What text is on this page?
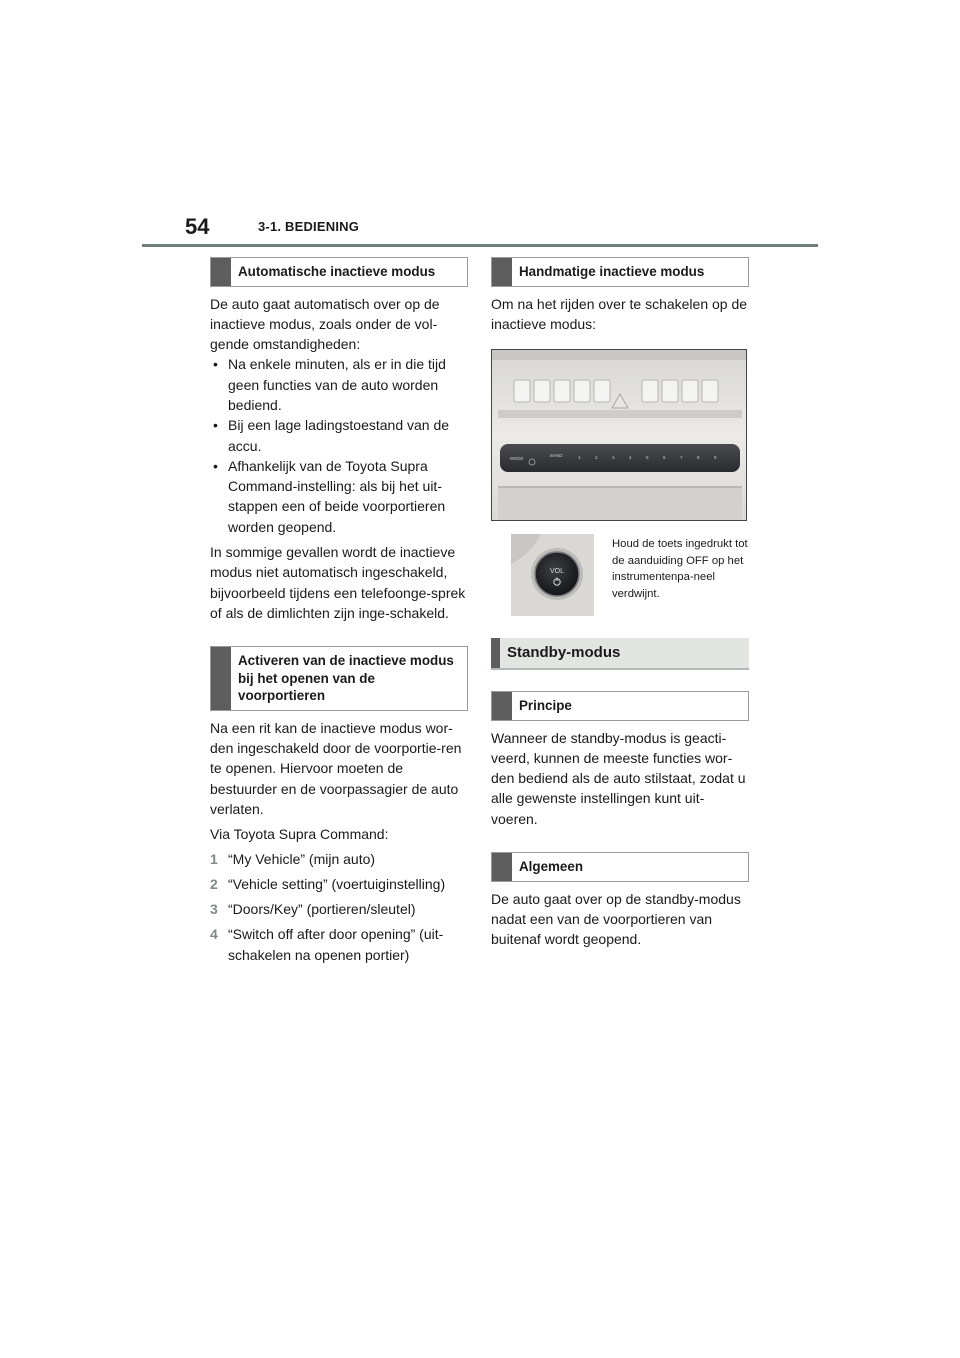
54	3-1. BEDIENING
Automatische inactieve modus

De auto gaat automatisch over op de inactieve modus, zoals onder de vol-gende omstandigheden:

• Na enkele minuten, als er in die tijd geen functies van de auto worden bediend.
• Bij een lage ladingstoestand van de accu.
• Afhankelijk van de Toyota Supra Command-instelling: als bij het uit-stappen een of beide voorportieren worden geopend.

In sommige gevallen wordt de inactieve modus niet automatisch ingeschakeld, bijvoorbeeld tijdens een telefoonge-sprek of als de dimlichten zijn inge-schakeld.

Activeren van de inactieve modus bij het openen van de voorportieren

Na een rit kan de inactieve modus wor-den ingeschakeld door de voorportie-ren te openen. Hiervoor moeten de bestuurder en de voorpassagier de auto verlaten.

Via Toyota Supra Command:

1 “My Vehicle” (mijn auto)
2 “Vehicle setting” (voertuiginstelling)
3 “Doors/Key” (portieren/sleutel)
4 “Switch off after door opening” (uit-schakelen na openen portier)
Handmatige inactieve modus

Om na het rijden over te schakelen op de inactieve modus:

MODE
BAND	1	2	3	4	5	6	7	8	9
VOL
Houd de toets ingedrukt tot de aanduiding OFF op het instrumentenpa-neel verdwijnt.
Standby-modus
Principe

Wanneer de standby-modus is geacti-veerd, kunnen de meeste functies wor-den bediend als de auto stilstaat, zodat u alle gewenste instellingen kunt uit-voeren.

Algemeen

De auto gaat over op de standby-modus nadat een van de voorportieren van buitenaf wordt geopend.
